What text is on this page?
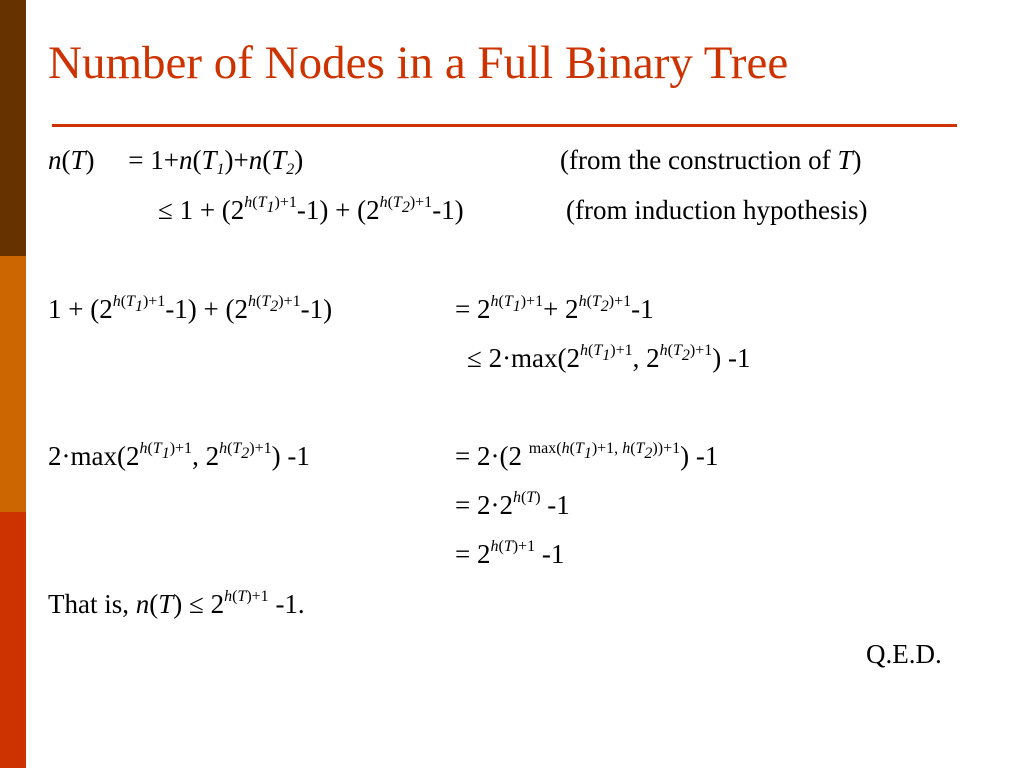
Number of Nodes in a Full Binary Tree
n(T)     = $1+n(T_1)+n(T_2)$	(from the construction of T)
≤ $1 + (2^{h(T_1)+1}-1) + (2^{h(T_2)+1}-1)$	(from induction hypothesis)
$1 + (2^{h(T_1)+1}-1) + (2^{h(T_2)+1}-1)$	= $2^{h(T_1)+1}+ 2^{h(T_2)+1}-1$
≤ $2\cdot\max(2^{h(T_1)+1}$, $2^{h(T_2)+1}$) -1
$2\cdot\max(2^{h(T_1)+1}$, $2^{h(T_2)+1}$) -1	= 2·(2 $^{max(h(T_1)+1, h(T_2))+1}$) -1
= $2\cdot 2^{h(T)}$ -1
= $2^{h(T)+1}$ -1
That is, $n(T) \le 2^{h(T)+1}$ -1.
Q.E.D.
